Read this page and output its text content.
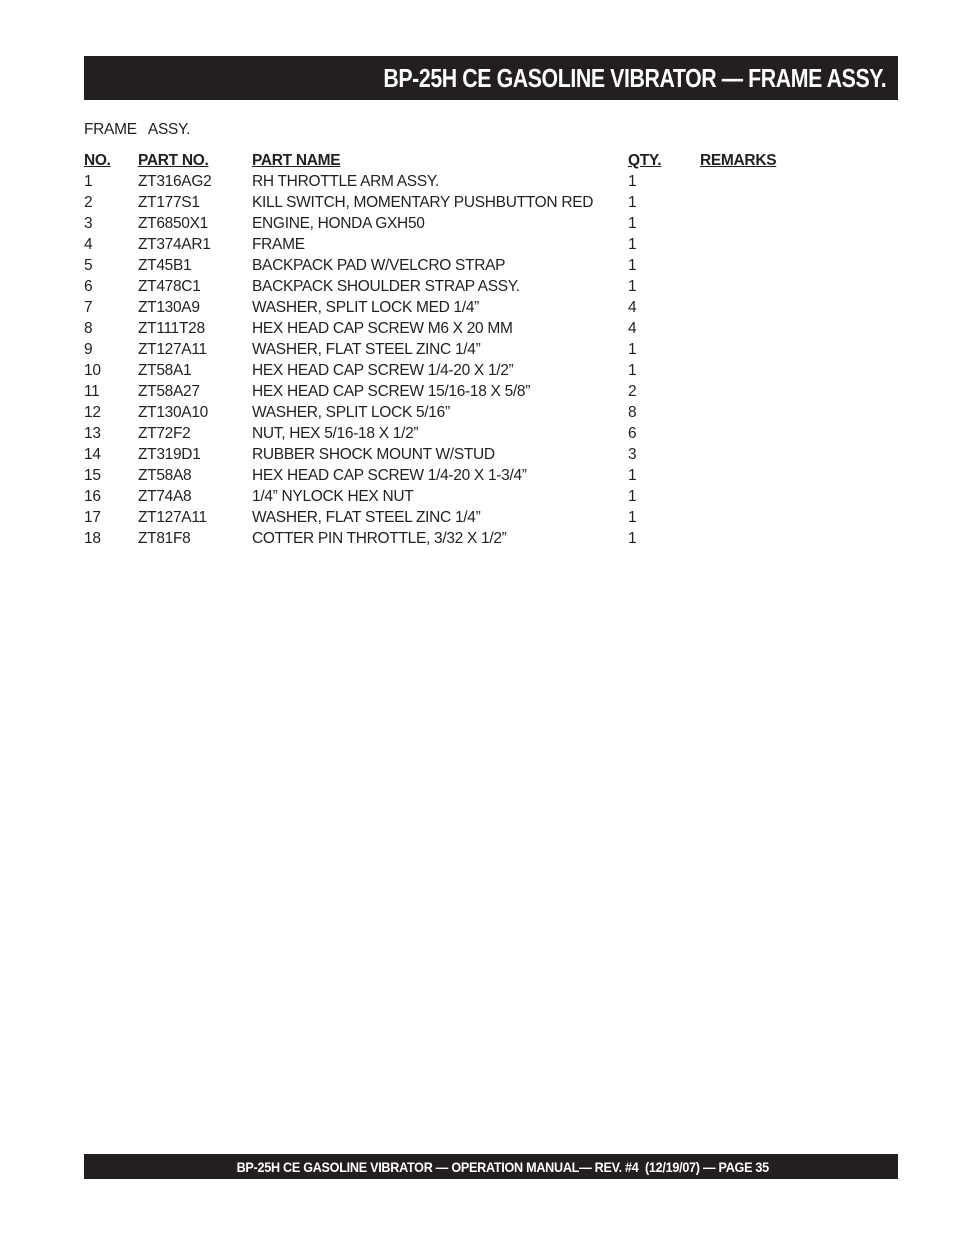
BP-25H CE GASOLINE VIBRATOR — FRAME ASSY.
FRAME   ASSY.
NO.	PART NO.	PART NAME	QTY.	REMARKS
1	ZT316AG2	RH THROTTLE ARM ASSY.	1	
2	ZT177S1	KILL SWITCH, MOMENTARY PUSHBUTTON RED	1	
3	ZT6850X1	ENGINE, HONDA GXH50	1	
4	ZT374AR1	FRAME	1	
5	ZT45B1	BACKPACK PAD W/VELCRO STRAP	1	
6	ZT478C1	BACKPACK SHOULDER STRAP ASSY.	1	
7	ZT130A9	WASHER, SPLIT LOCK MED 1/4”	4	
8	ZT111T28	HEX HEAD CAP SCREW M6 X 20 MM	4	
9	ZT127A11	WASHER, FLAT STEEL ZINC 1/4”	1	
10	ZT58A1	HEX HEAD CAP SCREW 1/4-20 X 1/2”	1	
11	ZT58A27	HEX HEAD CAP SCREW 15/16-18 X 5/8”	2	
12	ZT130A10	WASHER, SPLIT LOCK 5/16”	8	
13	ZT72F2	NUT, HEX 5/16-18 X 1/2”	6	
14	ZT319D1	RUBBER SHOCK MOUNT W/STUD	3	
15	ZT58A8	HEX HEAD CAP SCREW 1/4-20 X 1-3/4”	1	
16	ZT74A8	1/4” NYLOCK HEX NUT	1	
17	ZT127A11	WASHER, FLAT STEEL ZINC 1/4”	1	
18	ZT81F8	COTTER PIN THROTTLE, 3/32 X 1/2”	1	
BP-25H CE GASOLINE VIBRATOR — OPERATION MANUAL— REV. #4  (12/19/07) — PAGE 35
